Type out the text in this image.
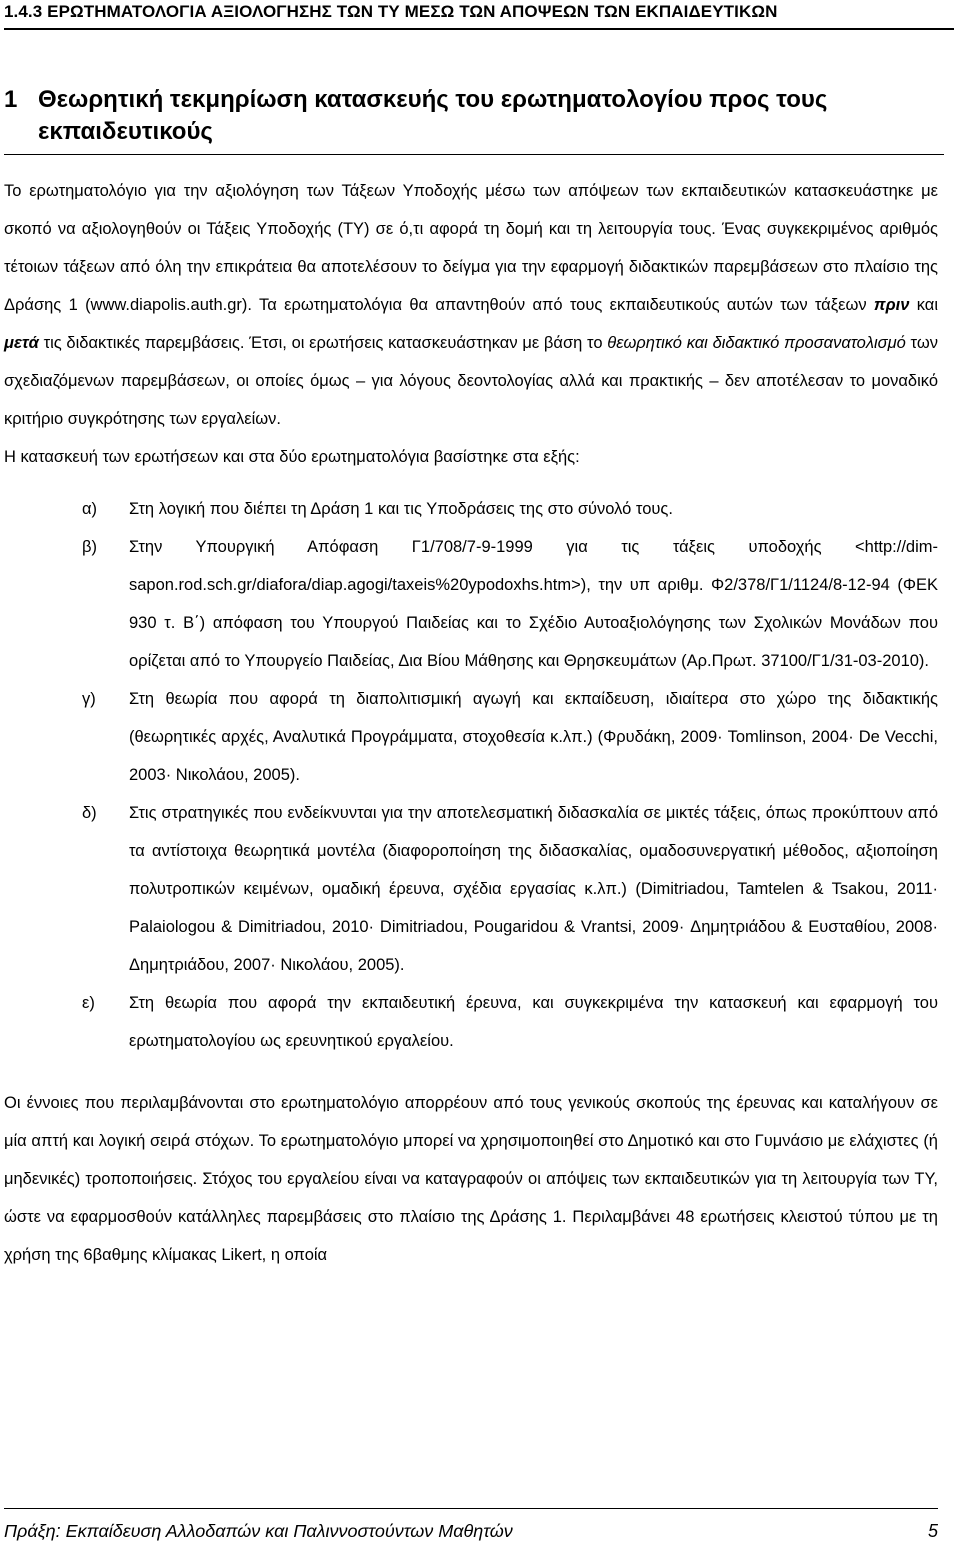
1.4.3 ΕΡΩΤΗΜΑΤΟΛΟΓΙΑ ΑΞΙΟΛΟΓΗΣΗΣ ΤΩΝ ΤΥ ΜΕΣΩ ΤΩΝ ΑΠΟΨΕΩΝ ΤΩΝ ΕΚΠΑΙΔΕΥΤΙΚΩΝ
1 Θεωρητική τεκμηρίωση κατασκευής του ερωτηματολογίου προς τους εκπαιδευτικούς

Το ερωτηματολόγιο για την αξιολόγηση των Τάξεων Υποδοχής μέσω των απόψεων των εκπαιδευτικών κατασκευάστηκε με σκοπό να αξιολογηθούν οι Τάξεις Υποδοχής (ΤΥ) σε ό,τι αφορά τη δομή και τη λειτουργία τους. Ένας συγκεκριμένος αριθμός τέτοιων τάξεων από όλη την επικράτεια θα αποτελέσουν το δείγμα για την εφαρμογή διδακτικών παρεμβάσεων στο πλαίσιο της Δράσης 1 (www.diapolis.auth.gr). Τα ερωτηματολόγια θα απαντηθούν από τους εκπαιδευτικούς αυτών των τάξεων πριν και μετά τις διδακτικές παρεμβάσεις. Έτσι, οι ερωτήσεις κατασκευάστηκαν με βάση το θεωρητικό και διδακτικό προσανατολισμό των σχεδιαζόμενων παρεμβάσεων, οι οποίες όμως – για λόγους δεοντολογίας αλλά και πρακτικής – δεν αποτέλεσαν το μοναδικό κριτήριο συγκρότησης των εργαλείων.

Η κατασκευή των ερωτήσεων και στα δύο ερωτηματολόγια βασίστηκε στα εξής:

α)	Στη λογική που διέπει τη Δράση 1 και τις Υποδράσεις της στο σύνολό τους.
β)	Στην Υπουργική Απόφαση Γ1/708/7-9-1999 για τις τάξεις υποδοχής <http://dim-sapon.rod.sch.gr/diafora/diap.agogi/taxeis%20ypodoxhs.htm>), την υπ αριθμ. Φ2/378/Γ1/1124/8-12-94 (ΦΕΚ 930 τ. Β΄) απόφαση του Υπουργού Παιδείας και το Σχέδιο Αυτοαξιολόγησης των Σχολικών Μονάδων που ορίζεται από το Υπουργείο Παιδείας, Δια Βίου Μάθησης και Θρησκευμάτων (Αρ.Πρωτ. 37100/Γ1/31-03-2010).
γ)	Στη θεωρία που αφορά τη διαπολιτισμική αγωγή και εκπαίδευση, ιδιαίτερα στο χώρο της διδακτικής (θεωρητικές αρχές, Αναλυτικά Προγράμματα, στοχοθεσία κ.λπ.) (Φρυδάκη, 2009· Tomlinson, 2004· De Vecchi, 2003· Νικολάου, 2005).
δ)	Στις στρατηγικές που ενδείκνυνται για την αποτελεσματική διδασκαλία σε μικτές τάξεις, όπως προκύπτουν από τα αντίστοιχα θεωρητικά μοντέλα (διαφοροποίηση της διδασκαλίας, ομαδοσυνεργατική μέθοδος, αξιοποίηση πολυτροπικών κειμένων, ομαδική έρευνα, σχέδια εργασίας κ.λπ.) (Dimitriadou, Tamtelen & Tsakou, 2011· Palaiologou & Dimitriadou, 2010· Dimitriadou, Pougaridou & Vrantsi, 2009· Δημητριάδου & Ευσταθίου, 2008· Δημητριάδου, 2007· Νικολάου, 2005).
ε)	Στη θεωρία που αφορά την εκπαιδευτική έρευνα, και συγκεκριμένα την κατασκευή και εφαρμογή του ερωτηματολογίου ως ερευνητικού εργαλείου.

Οι έννοιες που περιλαμβάνονται στο ερωτηματολόγιο απορρέουν από τους γενικούς σκοπούς της έρευνας και καταλήγουν σε μία απτή και λογική σειρά στόχων. Το ερωτηματολόγιο μπορεί να χρησιμοποιηθεί στο Δημοτικό και στο Γυμνάσιο με ελάχιστες (ή μηδενικές) τροποποιήσεις. Στόχος του εργαλείου είναι να καταγραφούν οι απόψεις των εκπαιδευτικών για τη λειτουργία των ΤΥ, ώστε να εφαρμοσθούν κατάλληλες παρεμβάσεις στο πλαίσιο της Δράσης 1. Περιλαμβάνει 48 ερωτήσεις κλειστού τύπου με τη χρήση της 6βαθμης κλίμακας Likert, η οποία

Πράξη: Εκπαίδευση Αλλοδαπών και Παλιννοστούντων Μαθητών	5
